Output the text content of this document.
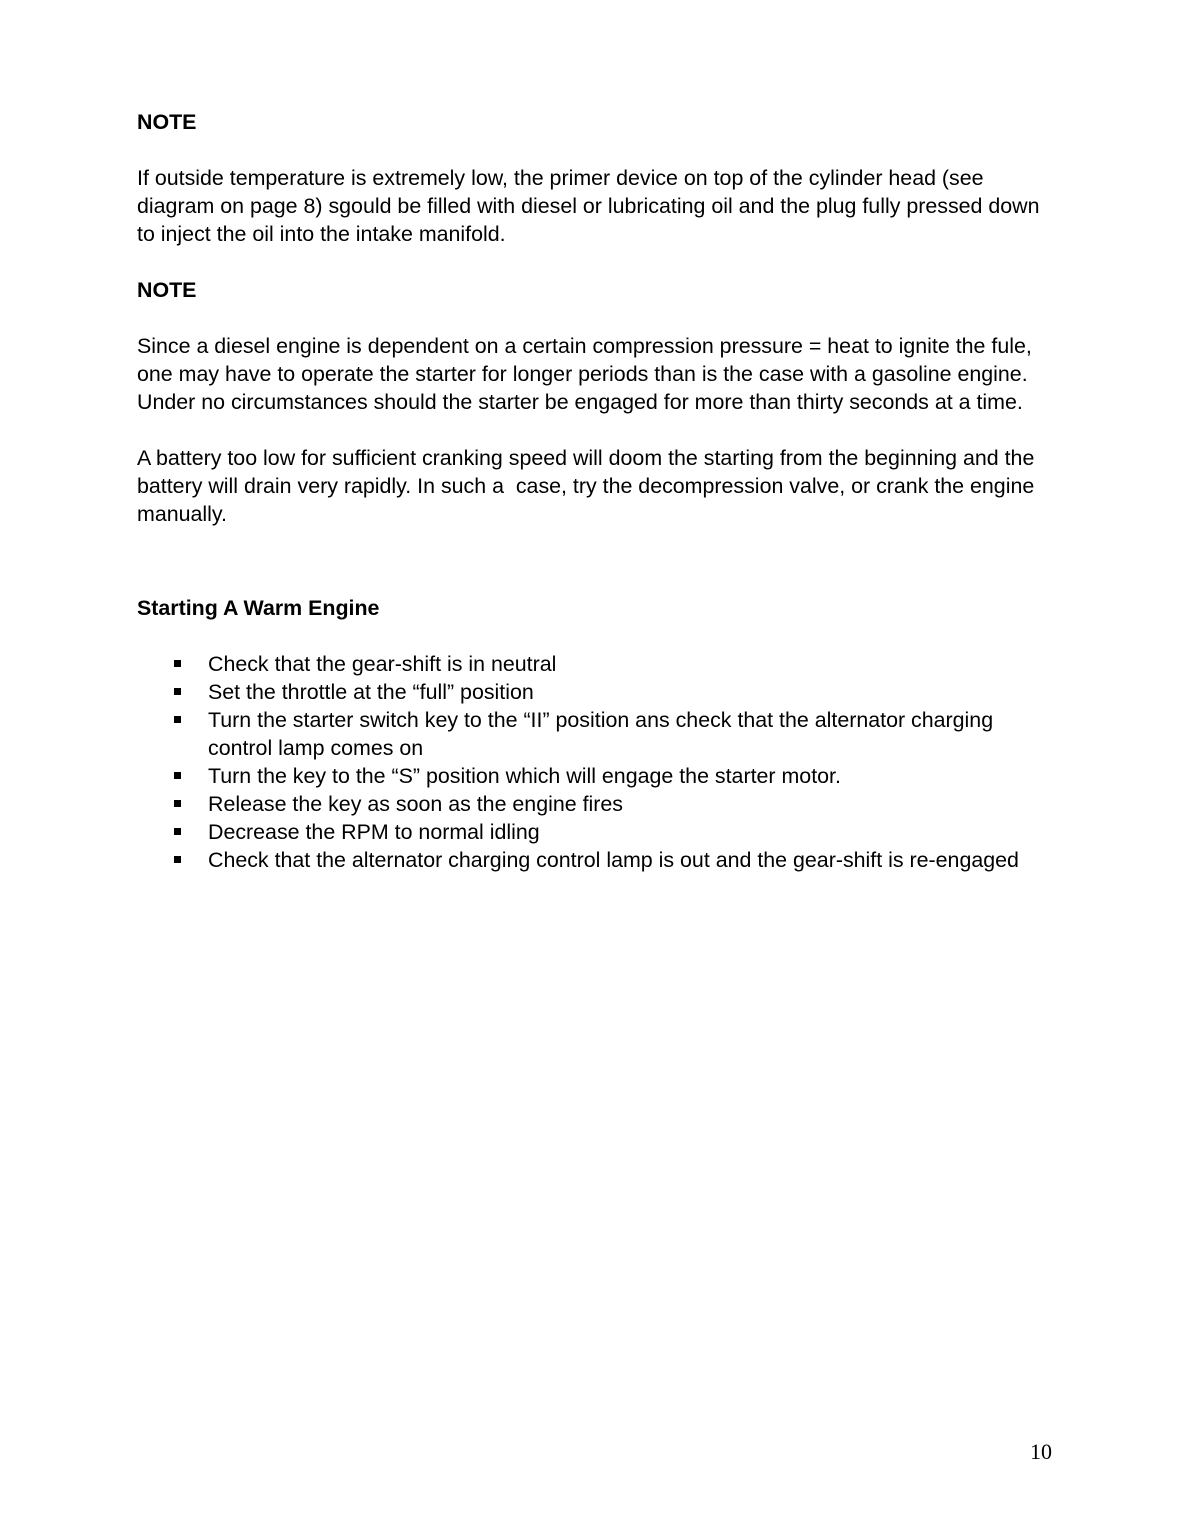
NOTE

If outside temperature is extremely low, the primer device on top of the cylinder head (see diagram on page 8) sgould be filled with diesel or lubricating oil and the plug fully pressed down to inject the oil into the intake manifold.

NOTE

Since a diesel engine is dependent on a certain compression pressure = heat to ignite the fule, one may have to operate the starter for longer periods than is the case with a gasoline engine. Under no circumstances should the starter be engaged for more than thirty seconds at a time.

A battery too low for sufficient cranking speed will doom the starting from the beginning and the battery will drain very rapidly. In such a  case, try the decompression valve, or crank the engine manually.

Starting A Warm Engine
Check that the gear-shift is in neutral
Set the throttle at the “full” position
Turn the starter switch key to the “II” position ans check that the alternator charging control lamp comes on
Turn the key to the “S” position which will engage the starter motor.
Release the key as soon as the engine fires
Decrease the RPM to normal idling
Check that the alternator charging control lamp is out and the gear-shift is re-engaged
10
